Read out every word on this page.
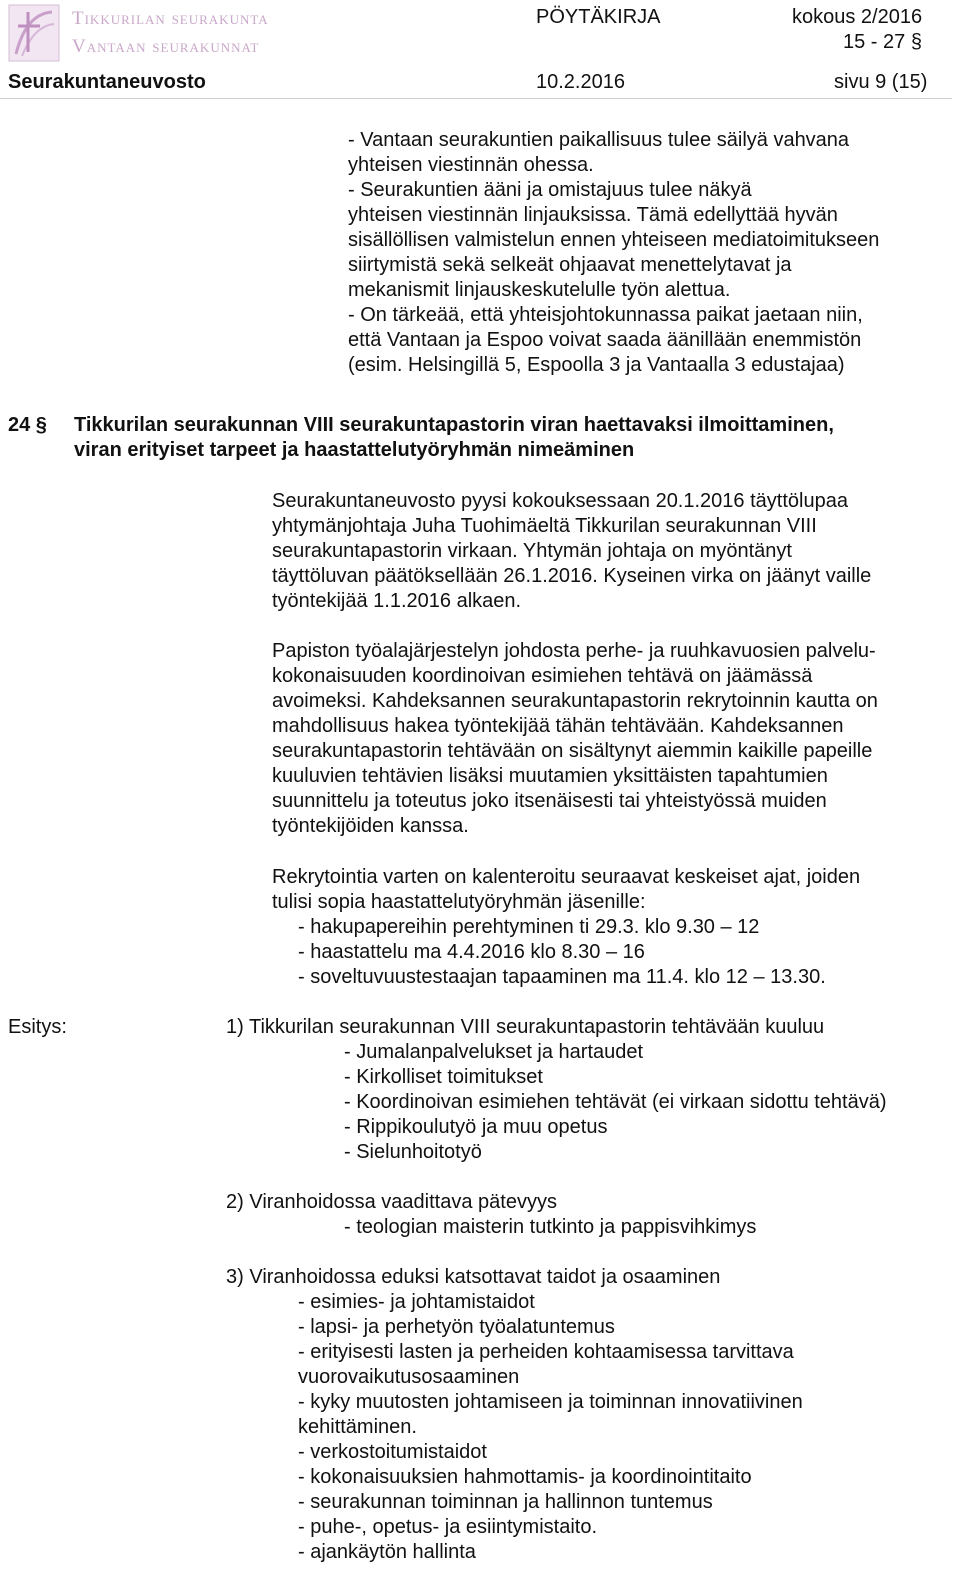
Tikkurilan seurakunta
Vantaan seurakunnat
PÖYTÄKIRJA	kokous 2/2016
15 - 27 §
Seurakuntaneuvosto	10.2.2016	sivu 9 (15)
- Vantaan seurakuntien paikallisuus tulee säilyä vahvana
yhteisen viestinnän ohessa.
- Seurakuntien ääni ja omistajuus tulee näkyä
yhteisen viestinnän linjauksissa. Tämä edellyttää hyvän
sisällöllisen valmistelun ennen yhteiseen mediatoimitukseen
siirtymistä sekä selkeät ohjaavat menettelytavat ja
mekanismit linjauskeskutelulle työn alettua.
- On tärkeää, että yhteisjohtokunnassa paikat jaetaan niin,
että Vantaan ja Espoo voivat saada äänillään enemmistön
(esim. Helsingillä 5, Espoolla 3 ja Vantaalla 3 edustajaa)
24 § Tikkurilan seurakunnan VIII seurakuntapastorin viran haettavaksi ilmoittaminen,
viran erityiset tarpeet ja haastattelutyöryhmän nimeäminen
Seurakuntaneuvosto pyysi kokouksessaan 20.1.2016 täyttölupaa
yhtymänjohtaja Juha Tuohimäeltä Tikkurilan seurakunnan VIII
seurakuntapastorin virkaan. Yhtymän johtaja on myöntänyt
täyttöluvan päätöksellään 26.1.2016. Kyseinen virka on jäänyt vaille
työntekijää 1.1.2016 alkaen.
Papiston työalajärjestelyn johdosta perhe- ja ruuhkavuosien palvelu-
kokonaisuuden koordinoivan esimiehen tehtävä on jäämässä
avoimeksi. Kahdeksannen seurakuntapastorin rekrytoinnin kautta on
mahdollisuus hakea työntekijää tähän tehtävään. Kahdeksannen
seurakuntapastorin tehtävään on sisältynyt aiemmin kaikille papeille
kuuluvien tehtävien lisäksi muutamien yksittäisten tapahtumien
suunnittelu ja toteutus joko itsenäisesti tai yhteistyössä muiden
työntekijöiden kanssa.
Rekrytointia varten on kalenteroitu seuraavat keskeiset ajat, joiden
tulisi sopia haastattelutyöryhmän jäsenille:
- hakupapereihin perehtyminen ti 29.3. klo 9.30 – 12
- haastattelu ma 4.4.2016 klo 8.30 – 16
- soveltuvuustestaajan tapaaminen ma 11.4. klo 12 – 13.30.
Esitys:	1) Tikkurilan seurakunnan VIII seurakuntapastorin tehtävään kuuluu
- Jumalanpalvelukset ja hartaudet
- Kirkolliset toimitukset
- Koordinoivan esimiehen tehtävät (ei virkaan sidottu tehtävä)
- Rippikoulutyö ja muu opetus
- Sielunhoitotyö
2) Viranhoidossa vaadittava pätevyys
- teologian maisterin tutkinto ja pappisvihkimys
3) Viranhoidossa eduksi katsottavat taidot ja osaaminen
- esimies- ja johtamistaidot
- lapsi- ja perhetyön työalatuntemus
- erityisesti lasten ja perheiden kohtaamisessa tarvittava
vuorovaikutusosaaminen
- kyky muutosten johtamiseen ja toiminnan innovatiivinen
kehittäminen.
- verkostoitumistaidot
- kokonaisuuksien hahmottamis- ja koordinointitaito
- seurakunnan toiminnan ja hallinnon tuntemus
- puhe-, opetus- ja esiintymistaito.
- ajankäytön hallinta
